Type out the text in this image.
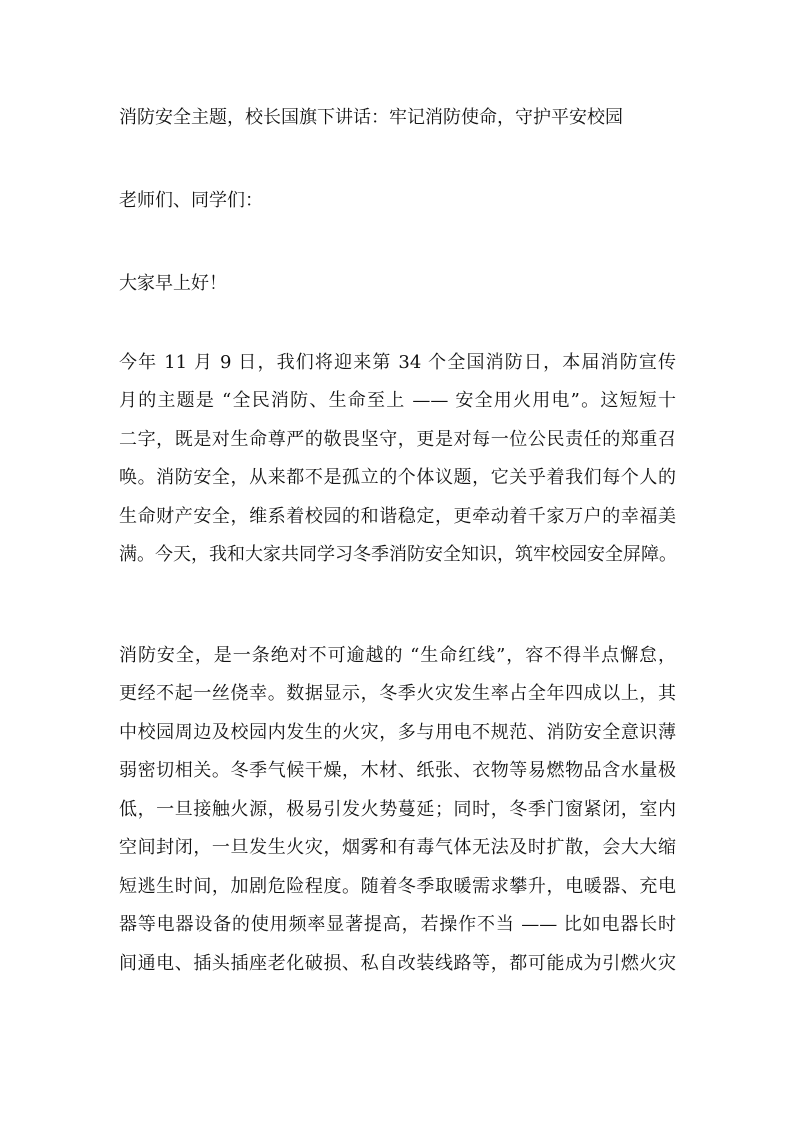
消防安全主题，校长国旗下讲话：牢记消防使命，守护平安校园
老师们、同学们：
大家早上好！
今年 11 月 9 日，我们将迎来第 34 个全国消防日，本届消防宣传
月的主题是 “全民消防、生命至上 —— 安全用火用电”。这短短十
二字，既是对生命尊严的敬畏坚守，更是对每一位公民责任的郑重召
唤。消防安全，从来都不是孤立的个体议题，它关乎着我们每个人的
生命财产安全，维系着校园的和谐稳定，更牵动着千家万户的幸福美
满。今天，我和大家共同学习冬季消防安全知识，筑牢校园安全屏障。
消防安全，是一条绝对不可逾越的 “生命红线”，容不得半点懈怠，
更经不起一丝侥幸。数据显示，冬季火灾发生率占全年四成以上，其
中校园周边及校园内发生的火灾，多与用电不规范、消防安全意识薄
弱密切相关。冬季气候干燥，木材、纸张、衣物等易燃物品含水量极
低，一旦接触火源，极易引发火势蔓延；同时，冬季门窗紧闭，室内
空间封闭，一旦发生火灾，烟雾和有毒气体无法及时扩散，会大大缩
短逃生时间，加剧危险程度。随着冬季取暖需求攀升，电暖器、充电
器等电器设备的使用频率显著提高，若操作不当 —— 比如电器长时
间通电、插头插座老化破损、私自改装线路等，都可能成为引燃火灾
